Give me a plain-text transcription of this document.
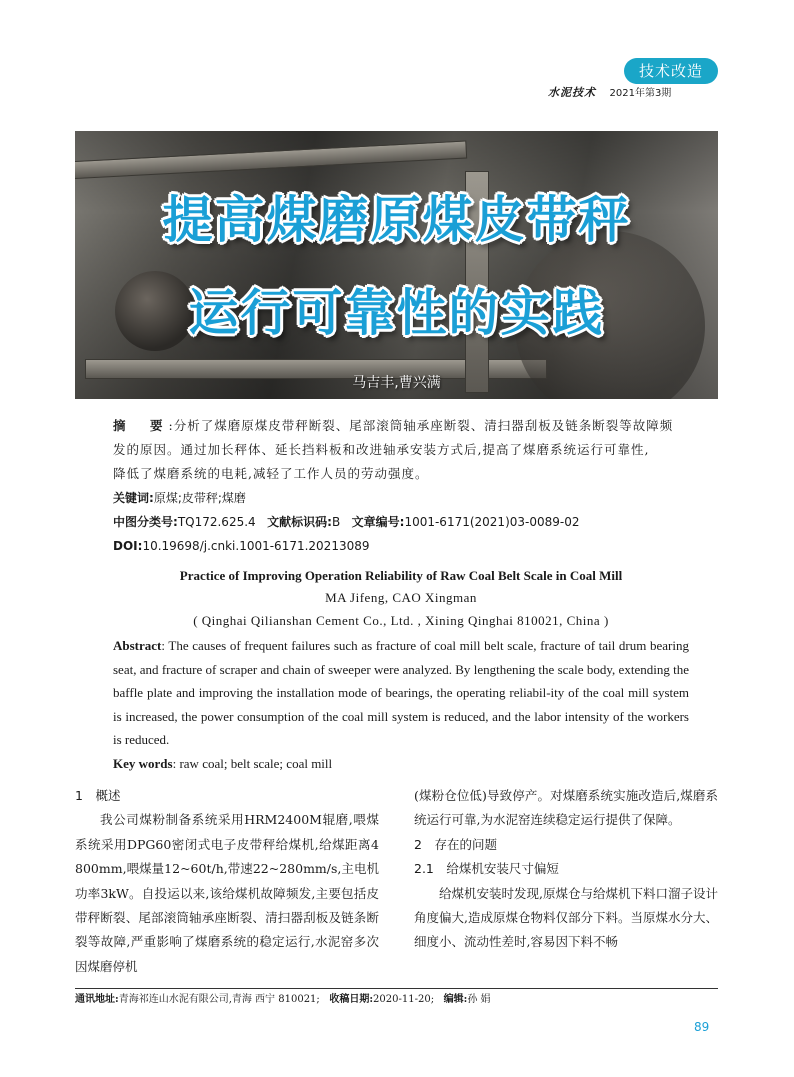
技术改造
水泥技术 2021年第3期
提高煤磨原煤皮带秤
运行可靠性的实践
马吉丰,曹兴满
摘　要:分析了煤磨原煤皮带秤断裂、尾部滚筒轴承座断裂、清扫器刮板及链条断裂等故障频
发的原因。通过加长秤体、延长挡料板和改进轴承安装方式后,提高了煤磨系统运行可靠性,
降低了煤磨系统的电耗,减轻了工作人员的劳动强度。
关键词:原煤;皮带秤;煤磨
中图分类号:TQ172.625.4 文献标识码:B 文章编号:1001-6171(2021)03-0089-02
DOI:10.19698/j.cnki.1001-6171.20213089
Practice of Improving Operation Reliability of Raw Coal Belt Scale in Coal Mill
MA Jifeng, CAO Xingman
( Qinghai Qilianshan Cement Co., Ltd. , Xining Qinghai 810021, China )
Abstract: The causes of frequent failures such as fracture of coal mill belt scale, fracture of tail drum bearing seat, and fracture of scraper and chain of sweeper were analyzed. By lengthening the scale body, extending the baffle plate and improving the installation mode of bearings, the operating reliabil-ity of the coal mill system is increased, the power consumption of the coal mill system is reduced, and the labor intensity of the workers is reduced.
Key words: raw coal; belt scale; coal mill
1　概述
我公司煤粉制备系统采用HRM2400M辊磨,喂煤系统采用DPG60密闭式电子皮带秤给煤机,给煤距离4 800mm,喂煤量12~60t/h,带速22~280mm/s,主电机功率3kW。自投运以来,该给煤机故障频发,主要包括皮带秤断裂、尾部滚筒轴承座断裂、清扫器刮板及链条断裂等故障,严重影响了煤磨系统的稳定运行,水泥窑多次因煤磨停机
(煤粉仓位低)导致停产。对煤磨系统实施改造后,煤磨系统运行可靠,为水泥窑连续稳定运行提供了保障。
2　存在的问题
2.1　给煤机安装尺寸偏短
给煤机安装时发现,原煤仓与给煤机下料口溜子设计角度偏大,造成原煤仓物料仅部分下料。当原煤水分大、细度小、流动性差时,容易因下料不畅
通讯地址:青海祁连山水泥有限公司,青海 西宁 810021; 收稿日期:2020-11-20; 编辑:孙 娟
89
